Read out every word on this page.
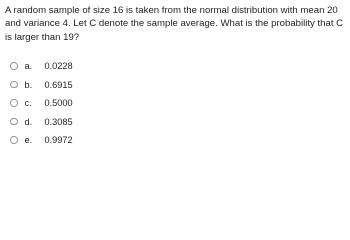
A random sample of size 16 is taken from the normal distribution with mean 20 and variance 4. Let C denote the sample average. What is the probability that C is larger than 19?
a.	0.0228
b.	0.6915
c.	0.5000
d.	0.3085
e.	0.9972
